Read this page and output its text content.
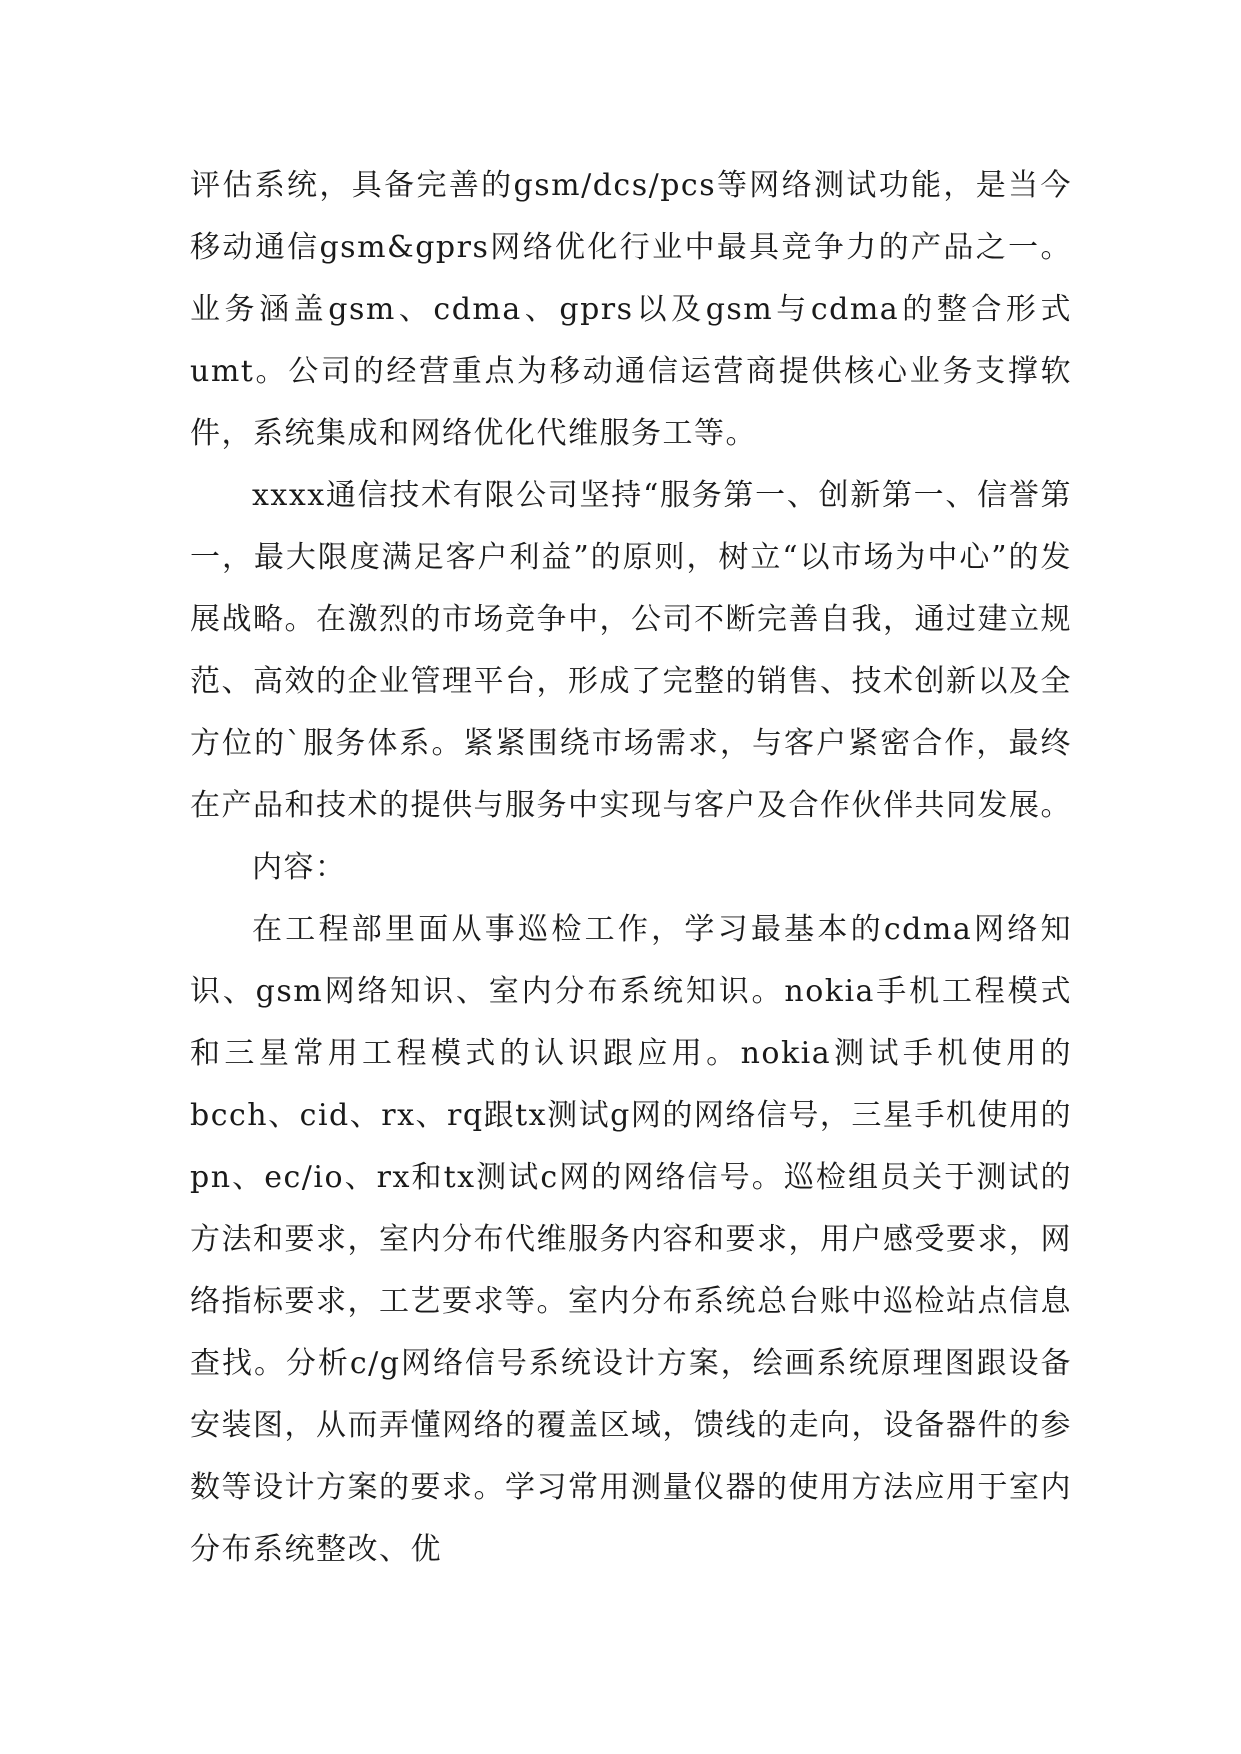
评估系统，具备完善的gsm/dcs/pcs等网络测试功能，是当今移动通信gsm&gprs网络优化行业中最具竞争力的产品之一。业务涵盖gsm、cdma、gprs以及gsm与cdma的整合形式umt。公司的经营重点为移动通信运营商提供核心业务支撑软件，系统集成和网络优化代维服务工等。

xxxx通信技术有限公司坚持“服务第一、创新第一、信誉第一，最大限度满足客户利益”的原则，树立“以市场为中心”的发展战略。在激烈的市场竞争中，公司不断完善自我，通过建立规范、高效的企业管理平台，形成了完整的销售、技术创新以及全方位的`服务体系。紧紧围绕市场需求，与客户紧密合作，最终在产品和技术的提供与服务中实现与客户及合作伙伴共同发展。

内容：

在工程部里面从事巡检工作，学习最基本的cdma网络知识、gsm网络知识、室内分布系统知识。nokia手机工程模式和三星常用工程模式的认识跟应用。nokia测试手机使用的bcch、cid、rx、rq跟tx测试g网的网络信号，三星手机使用的pn、ec/io、rx和tx测试c网的网络信号。巡检组员关于测试的方法和要求，室内分布代维服务内容和要求，用户感受要求，网络指标要求，工艺要求等。室内分布系统总台账中巡检站点信息查找。分析c/g网络信号系统设计方案，绘画系统原理图跟设备安装图，从而弄懂网络的覆盖区域，馈线的走向，设备器件的参数等设计方案的要求。学习常用测量仪器的使用方法应用于室内分布系统整改、优
